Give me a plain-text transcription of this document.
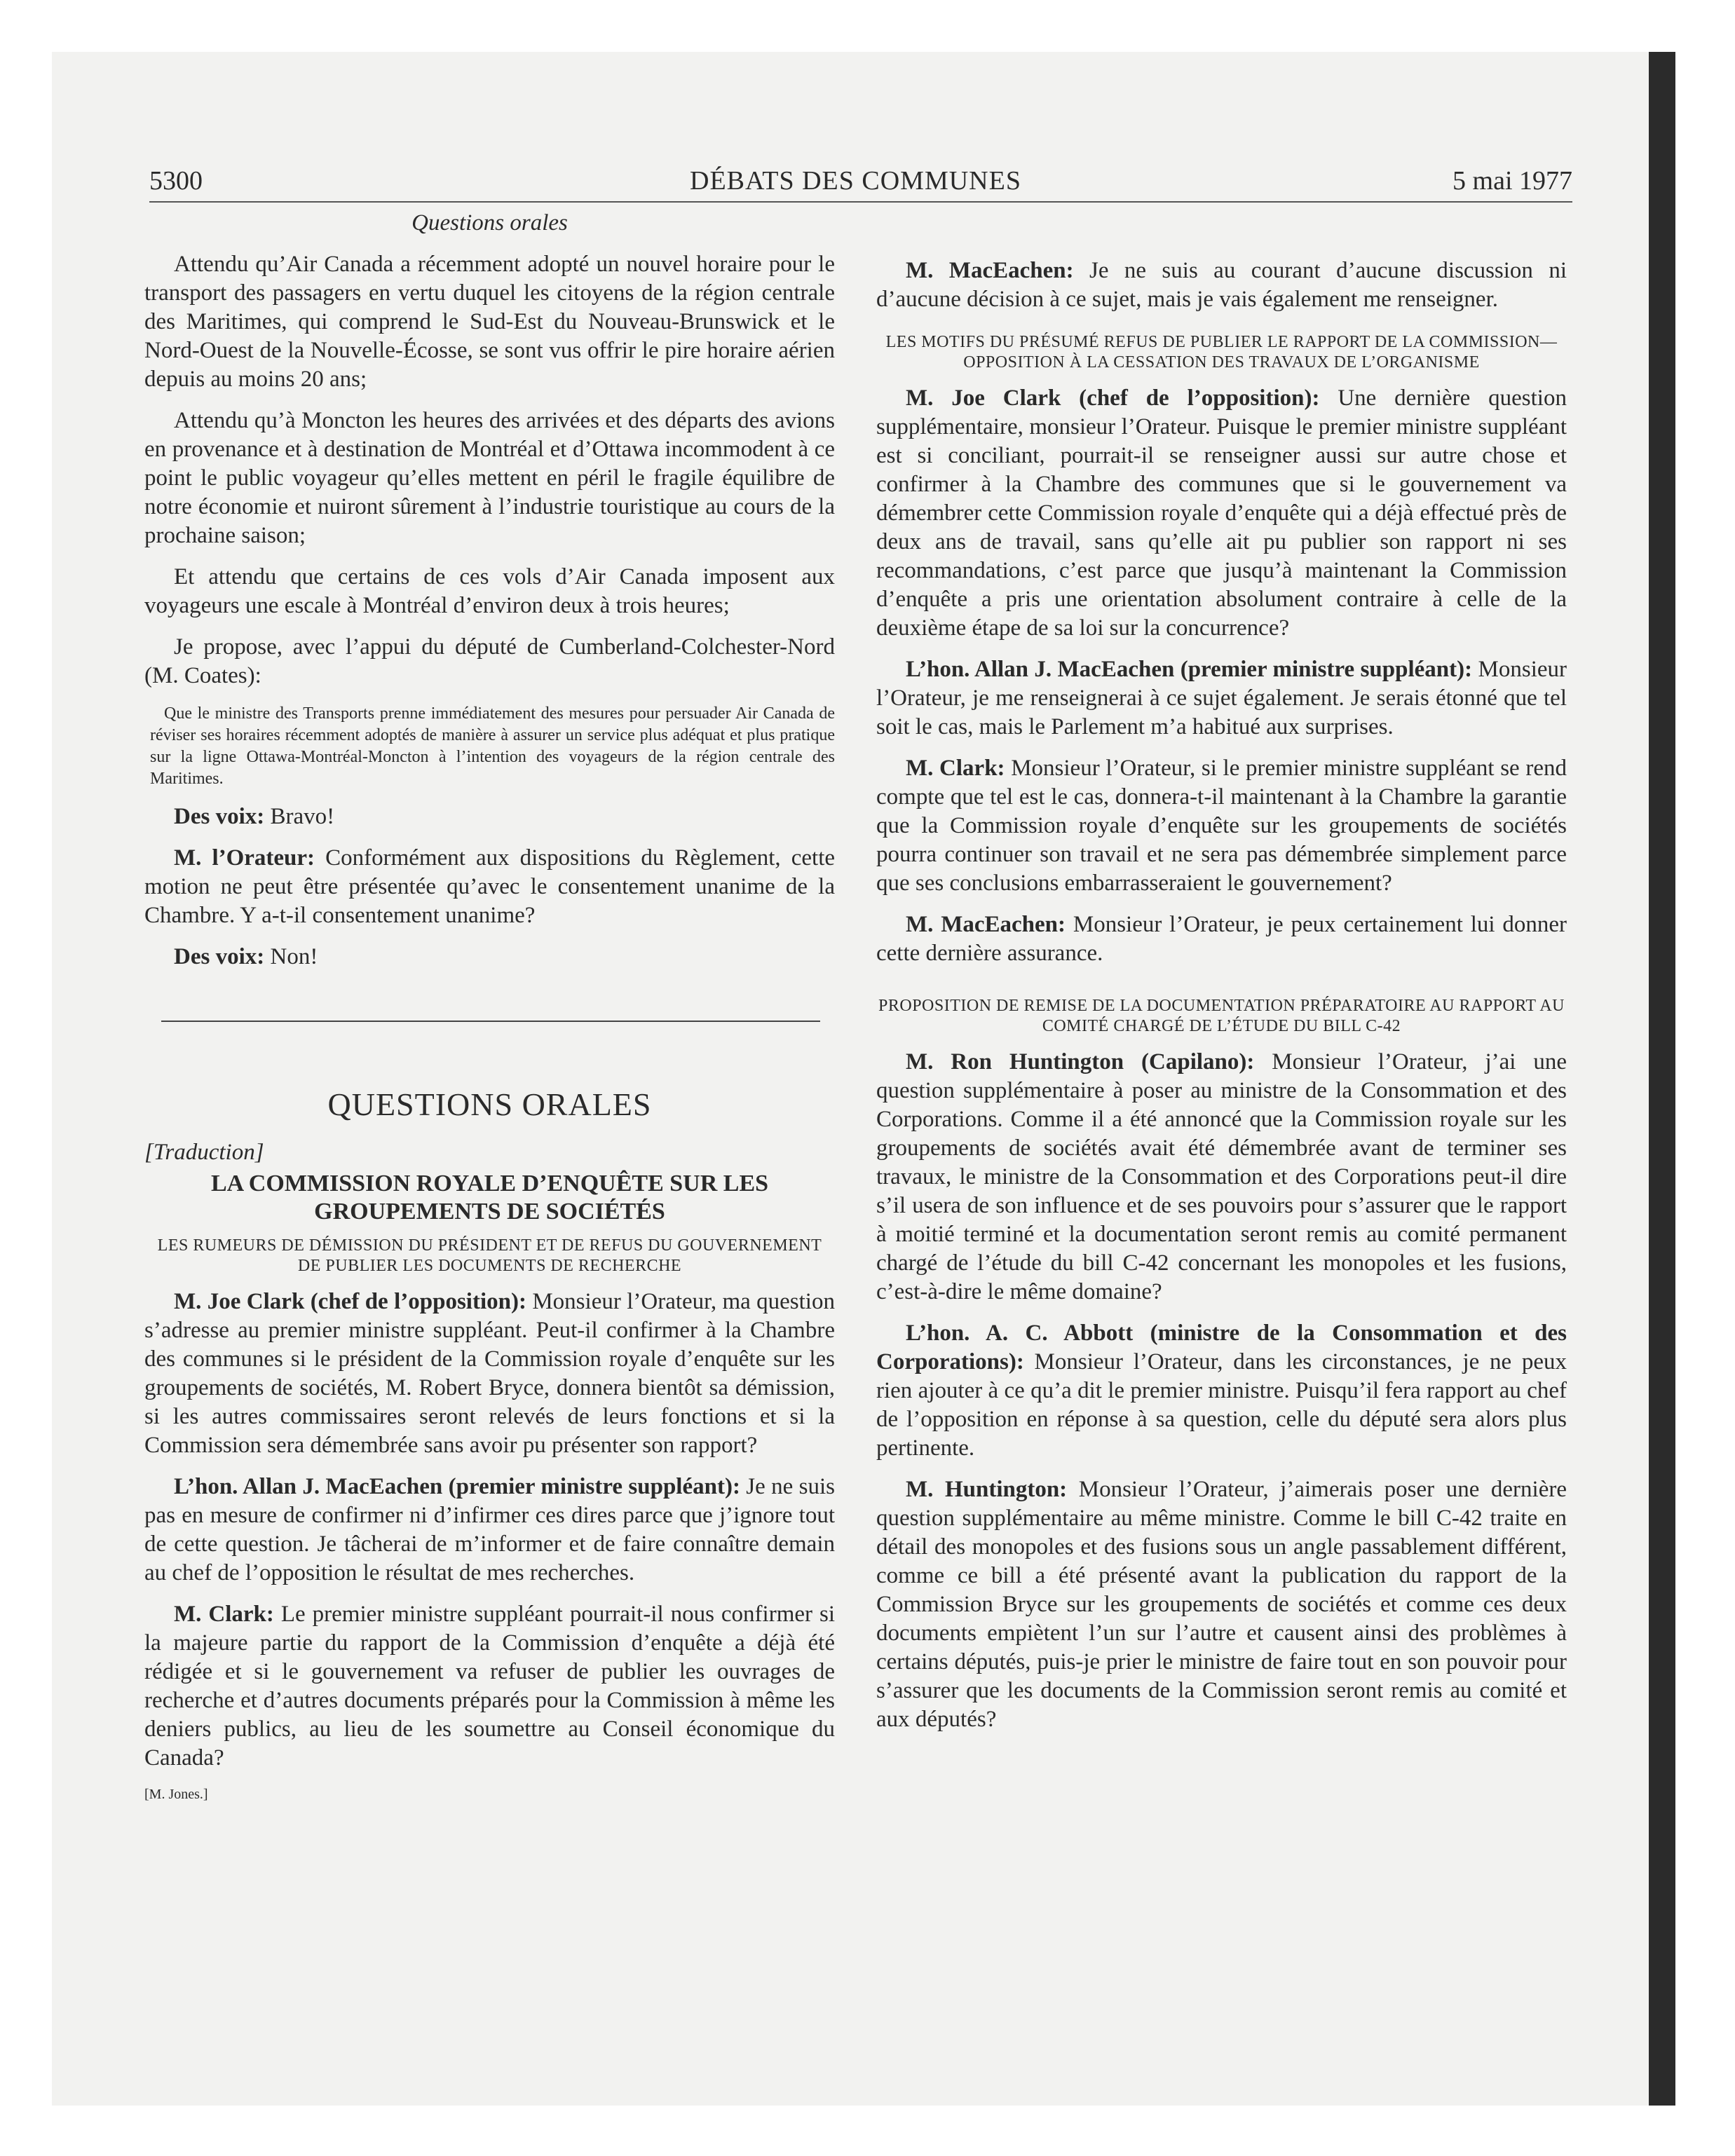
5300	DÉBATS DES COMMUNES	5 mai 1977

Questions orales

Attendu qu’Air Canada a récemment adopté un nouvel horaire pour le transport des passagers en vertu duquel les citoyens de la région centrale des Maritimes, qui comprend le Sud-Est du Nouveau-Brunswick et le Nord-Ouest de la Nouvelle-Écosse, se sont vus offrir le pire horaire aérien depuis au moins 20 ans;

Attendu qu’à Moncton les heures des arrivées et des départs des avions en provenance et à destination de Montréal et d’Ottawa incommodent à ce point le public voyageur qu’elles mettent en péril le fragile équilibre de notre économie et nuiront sûrement à l’industrie touristique au cours de la prochaine saison;

Et attendu que certains de ces vols d’Air Canada imposent aux voyageurs une escale à Montréal d’environ deux à trois heures;

Je propose, avec l’appui du député de Cumberland-Colchester-Nord (M. Coates):

Que le ministre des Transports prenne immédiatement des mesures pour persuader Air Canada de réviser ses horaires récemment adoptés de manière à assurer un service plus adéquat et plus pratique sur la ligne Ottawa-Montréal-Moncton à l’intention des voyageurs de la région centrale des Maritimes.

Des voix: Bravo!

M. l’Orateur: Conformément aux dispositions du Règlement, cette motion ne peut être présentée qu’avec le consentement unanime de la Chambre. Y a-t-il consentement unanime?

Des voix: Non!

QUESTIONS ORALES

[Traduction]

LA COMMISSION ROYALE D’ENQUÊTE SUR LES GROUPEMENTS DE SOCIÉTÉS

LES RUMEURS DE DÉMISSION DU PRÉSIDENT ET DE REFUS DU GOUVERNEMENT DE PUBLIER LES DOCUMENTS DE RECHERCHE

M. Joe Clark (chef de l’opposition): Monsieur l’Orateur, ma question s’adresse au premier ministre suppléant. Peut-il confirmer à la Chambre des communes si le président de la Commission royale d’enquête sur les groupements de sociétés, M. Robert Bryce, donnera bientôt sa démission, si les autres commissaires seront relevés de leurs fonctions et si la Commission sera démembrée sans avoir pu présenter son rapport?

L’hon. Allan J. MacEachen (premier ministre suppléant): Je ne suis pas en mesure de confirmer ni d’infirmer ces dires parce que j’ignore tout de cette question. Je tâcherai de m’informer et de faire connaître demain au chef de l’opposition le résultat de mes recherches.

M. Clark: Le premier ministre suppléant pourrait-il nous confirmer si la majeure partie du rapport de la Commission d’enquête a déjà été rédigée et si le gouvernement va refuser de publier les ouvrages de recherche et d’autres documents préparés pour la Commission à même les deniers publics, au lieu de les soumettre au Conseil économique du Canada?

[M. Jones.]

M. MacEachen: Je ne suis au courant d’aucune discussion ni d’aucune décision à ce sujet, mais je vais également me renseigner.

LES MOTIFS DU PRÉSUMÉ REFUS DE PUBLIER LE RAPPORT DE LA COMMISSION—OPPOSITION À LA CESSATION DES TRAVAUX DE L’ORGANISME

M. Joe Clark (chef de l’opposition): Une dernière question supplémentaire, monsieur l’Orateur. Puisque le premier ministre suppléant est si conciliant, pourrait-il se renseigner aussi sur autre chose et confirmer à la Chambre des communes que si le gouvernement va démembrer cette Commission royale d’enquête qui a déjà effectué près de deux ans de travail, sans qu’elle ait pu publier son rapport ni ses recommandations, c’est parce que jusqu’à maintenant la Commission d’enquête a pris une orientation absolument contraire à celle de la deuxième étape de sa loi sur la concurrence?

L’hon. Allan J. MacEachen (premier ministre suppléant): Monsieur l’Orateur, je me renseignerai à ce sujet également. Je serais étonné que tel soit le cas, mais le Parlement m’a habitué aux surprises.

M. Clark: Monsieur l’Orateur, si le premier ministre suppléant se rend compte que tel est le cas, donnera-t-il maintenant à la Chambre la garantie que la Commission royale d’enquête sur les groupements de sociétés pourra continuer son travail et ne sera pas démembrée simplement parce que ses conclusions embarrasseraient le gouvernement?

M. MacEachen: Monsieur l’Orateur, je peux certainement lui donner cette dernière assurance.

PROPOSITION DE REMISE DE LA DOCUMENTATION PRÉPARATOIRE AU RAPPORT AU COMITÉ CHARGÉ DE L’ÉTUDE DU BILL C-42

M. Ron Huntington (Capilano): Monsieur l’Orateur, j’ai une question supplémentaire à poser au ministre de la Consommation et des Corporations. Comme il a été annoncé que la Commission royale sur les groupements de sociétés avait été démembrée avant de terminer ses travaux, le ministre de la Consommation et des Corporations peut-il dire s’il usera de son influence et de ses pouvoirs pour s’assurer que le rapport à moitié terminé et la documentation seront remis au comité permanent chargé de l’étude du bill C-42 concernant les monopoles et les fusions, c’est-à-dire le même domaine?

L’hon. A. C. Abbott (ministre de la Consommation et des Corporations): Monsieur l’Orateur, dans les circonstances, je ne peux rien ajouter à ce qu’a dit le premier ministre. Puisqu’il fera rapport au chef de l’opposition en réponse à sa question, celle du député sera alors plus pertinente.

M. Huntington: Monsieur l’Orateur, j’aimerais poser une dernière question supplémentaire au même ministre. Comme le bill C-42 traite en détail des monopoles et des fusions sous un angle passablement différent, comme ce bill a été présenté avant la publication du rapport de la Commission Bryce sur les groupements de sociétés et comme ces deux documents empiètent l’un sur l’autre et causent ainsi des problèmes à certains députés, puis-je prier le ministre de faire tout en son pouvoir pour s’assurer que les documents de la Commission seront remis au comité et aux députés?
